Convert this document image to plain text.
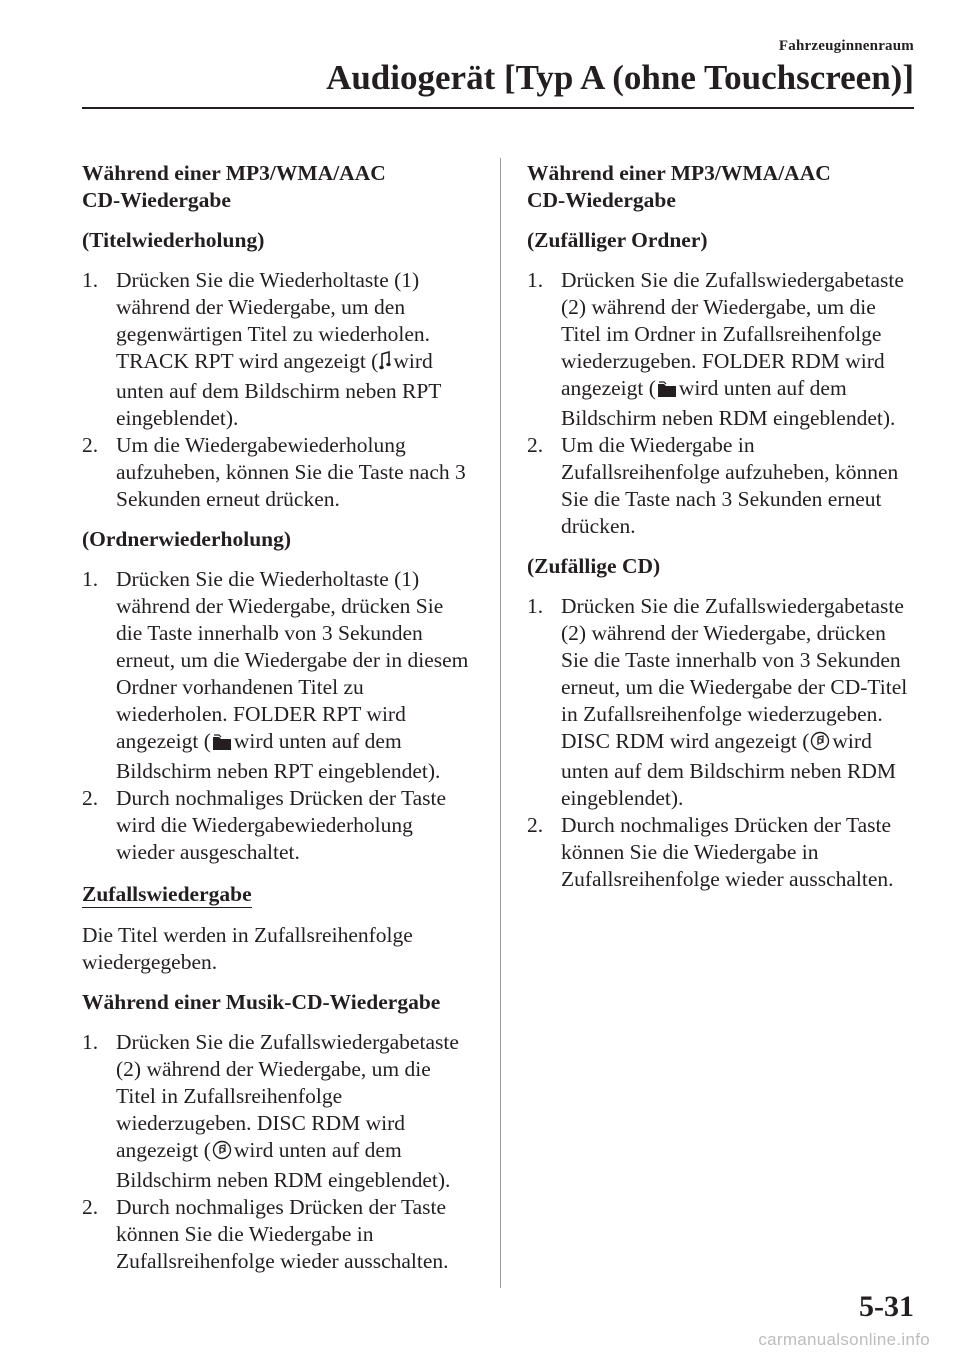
Fahrzeuginnenraum
Audiogerät [Typ A (ohne Touchscreen)]
Während einer MP3/WMA/AAC
CD-Wiedergabe
(Titelwiederholung)
1. Drücken Sie die Wiederholtaste (1) während der Wiedergabe, um den gegenwärtigen Titel zu wiederholen. TRACK RPT wird angezeigt ( wird unten auf dem Bildschirm neben RPT eingeblendet).
2. Um die Wiedergabewiederholung aufzuheben, können Sie die Taste nach 3 Sekunden erneut drücken.
(Ordnerwiederholung)
1. Drücken Sie die Wiederholtaste (1) während der Wiedergabe, drücken Sie die Taste innerhalb von 3 Sekunden erneut, um die Wiedergabe der in diesem Ordner vorhandenen Titel zu wiederholen. FOLDER RPT wird angezeigt ( wird unten auf dem Bildschirm neben RPT eingeblendet).
2. Durch nochmaliges Drücken der Taste wird die Wiedergabewiederholung wieder ausgeschaltet.
Zufallswiedergabe
Die Titel werden in Zufallsreihenfolge wiedergegeben.
Während einer Musik-CD-Wiedergabe
1. Drücken Sie die Zufallswiedergabetaste (2) während der Wiedergabe, um die Titel in Zufallsreihenfolge wiederzugeben. DISC RDM wird angezeigt ( wird unten auf dem Bildschirm neben RDM eingeblendet).
2. Durch nochmaliges Drücken der Taste können Sie die Wiedergabe in Zufallsreihenfolge wieder ausschalten.
Während einer MP3/WMA/AAC
CD-Wiedergabe
(Zufälliger Ordner)
1. Drücken Sie die Zufallswiedergabetaste (2) während der Wiedergabe, um die Titel im Ordner in Zufallsreihenfolge wiederzugeben. FOLDER RDM wird angezeigt ( wird unten auf dem Bildschirm neben RDM eingeblendet).
2. Um die Wiedergabe in Zufallsreihenfolge aufzuheben, können Sie die Taste nach 3 Sekunden erneut drücken.
(Zufällige CD)
1. Drücken Sie die Zufallswiedergabetaste (2) während der Wiedergabe, drücken Sie die Taste innerhalb von 3 Sekunden erneut, um die Wiedergabe der CD-Titel in Zufallsreihenfolge wiederzugeben. DISC RDM wird angezeigt ( wird unten auf dem Bildschirm neben RDM eingeblendet).
2. Durch nochmaliges Drücken der Taste können Sie die Wiedergabe in Zufallsreihenfolge wieder ausschalten.
5-31
carmanualsonline.info
